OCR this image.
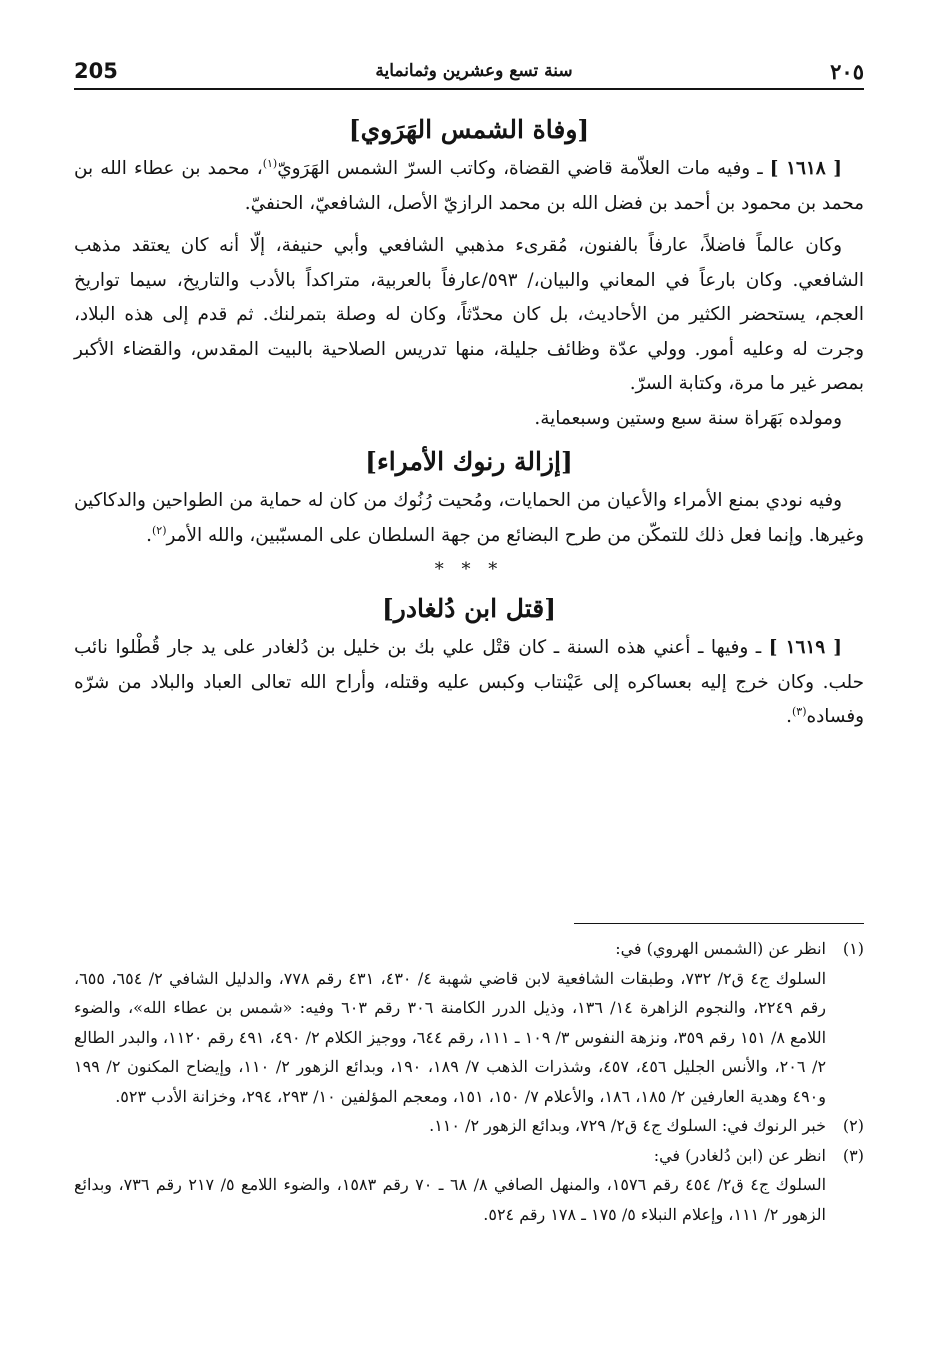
205	سنة تسع وعشرين وثمانماية	٢٠٥
[وفاة الشمس الهَرَوي]

[ ١٦١٨ ] ـ وفيه مات العلاّمة قاضي القضاة، وكاتب السرّ الشمس الهَرَويّ$^{(١)}$، محمد بن عطاء الله بن محمد بن محمود بن أحمد بن فضل الله بن محمد الرازيّ الأصل، الشافعيّ، الحنفيّ.

وكان عالماً فاضلاً، عارفاً بالفنون، مُقرىء مذهبي الشافعي وأبي حنيفة، إلّا أنه كان يعتقد مذهب الشافعي. وكان بارعاً في المعاني والبيان،/ ٥٩٣/عارفاً بالعربية، متراكداً بالأدب والتاريخ، سيما تواريخ العجم، يستحضر الكثير من الأحاديث، بل كان محدّثاً، وكان له وصلة بتمرلنك. ثم قدم إلى هذه البلاد، وجرت له وعليه أمور. وولي عدّة وظائف جليلة، منها تدريس الصلاحية بالبيت المقدس، والقضاء الأكبر بمصر غير ما مرة، وكتابة السرّ.

ومولده بَهَراة سنة سبع وستين وسبعماية.

[إزالة رنوك الأمراء]

وفيه نودي بمنع الأمراء والأعيان من الحمايات، ومُحيت رُنُوك من كان له حماية من الطواحين والدكاكين وغيرها. وإنما فعل ذلك للتمكّن من طرح البضائع من جهة السلطان على المسبّبين، والله الأمر$^{(٢)}$.

* * *

[قتل ابن دُلغادر]

[ ١٦١٩ ] ـ وفيها ـ أعني هذه السنة ـ كان قتْل علي بك بن خليل بن دُلغادر على يد جار قُطْلوا نائب حلب. وكان خرج إليه بعساكره إلى عَيْنتاب وكبس عليه وقتله، وأراح الله تعالى العباد والبلاد من شرّه وفساده$^{(٣)}$.

(١)
انظر عن (الشمس الهروي) في:

السلوك ج٤ ق٢/ ٧٣٢، وطبقات الشافعية لابن قاضي شهبة ٤/ ٤٣٠، ٤٣١ رقم ٧٧٨، والدليل الشافي ٢/ ٦٥٤، ٦٥٥، رقم ٢٢٤٩، والنجوم الزاهرة ١٤/ ١٣٦، وذيل الدرر الكامنة ٣٠٦ رقم ٦٠٣ وفيه: «شمس بن عطاء الله»، والضوء اللامع ٨/ ١٥١ رقم ٣٥٩، ونزهة النفوس ٣/ ١٠٩ ـ ١١١، رقم ٦٤٤، ووجيز الكلام ٢/ ٤٩٠، ٤٩١ رقم ١١٢٠، والبدر الطالع ٢/ ٢٠٦، والأنس الجليل ٤٥٦، ٤٥٧، وشذرات الذهب ٧/ ١٨٩، ١٩٠، وبدائع الزهور ٢/ ١١٠، وإيضاح المكنون ٢/ ١٩٩ و٤٩٠ وهدية العارفين ٢/ ١٨٥، ١٨٦، والأعلام ٧/ ١٥٠، ١٥١، ومعجم المؤلفين ١٠/ ٢٩٣، ٢٩٤، وخزانة الأدب ٥٢٣.

(٢)
خبر الرنوك في: السلوك ج٤ ق٢/ ٧٢٩، وبدائع الزهور ٢/ ١١٠.
(٣)
انظر عن (ابن دُلغادر) في:

السلوك ج٤ ق٢/ ٤٥٤ رقم ١٥٧٦، والمنهل الصافي ٨/ ٦٨ ـ ٧٠ رقم ١٥٨٣، والضوء اللامع ٥/ ٢١٧ رقم ٧٣٦، وبدائع الزهور ٢/ ١١١، وإعلام النبلاء ٥/ ١٧٥ ـ ١٧٨ رقم ٥٢٤.
